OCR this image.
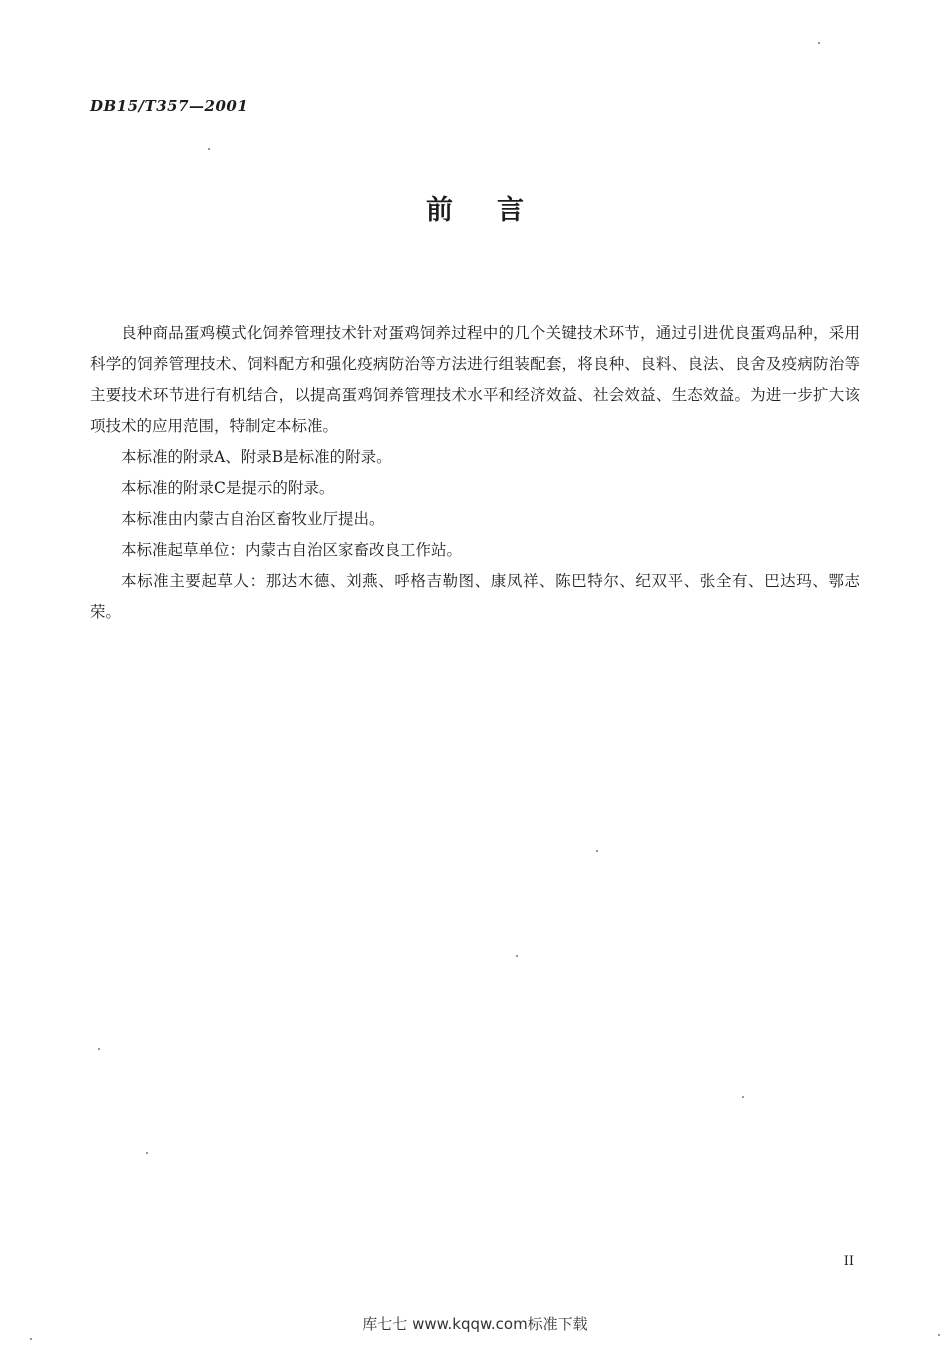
DB15/T357—2001
前言

良种商品蛋鸡模式化饲养管理技术针对蛋鸡饲养过程中的几个关键技术环节，通过引进优良蛋鸡品种，采用科学的饲养管理技术、饲料配方和强化疫病防治等方法进行组装配套，将良种、良料、良法、良舍及疫病防治等主要技术环节进行有机结合，以提高蛋鸡饲养管理技术水平和经济效益、社会效益、生态效益。为进一步扩大该项技术的应用范围，特制定本标准。

本标准的附录A、附录B是标准的附录。

本标准的附录C是提示的附录。

本标准由内蒙古自治区畜牧业厅提出。

本标准起草单位：内蒙古自治区家畜改良工作站。

本标准主要起草人：那达木德、刘燕、呼格吉勒图、康凤祥、陈巴特尔、纪双平、张全有、巴达玛、鄂志荣。

II
库七七 www.kqqw.com标准下载
